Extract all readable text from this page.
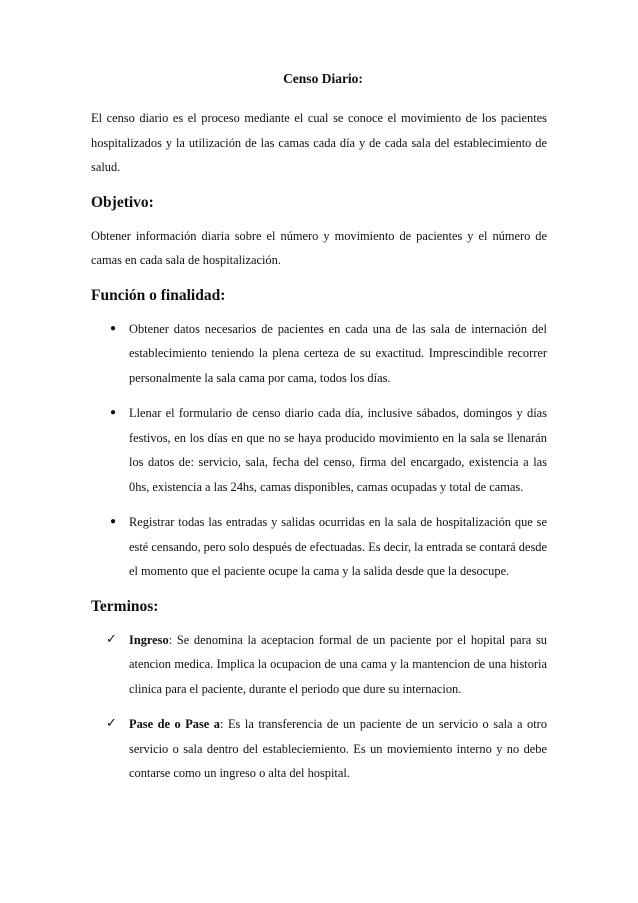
Censo Diario:

El censo diario es el proceso mediante el cual se conoce el movimiento de los pacientes hospitalizados y la utilización de las camas cada día y de cada sala del establecimiento de salud.

Objetivo:

Obtener información diaria sobre el número y movimiento de pacientes y el número de camas en cada sala de hospitalización.

Función o finalidad:

● Obtener datos necesarios de pacientes en cada una de las sala de internación del establecimiento teniendo la plena certeza de su exactitud. Imprescindible recorrer personalmente la sala cama por cama, todos los días.
● Llenar el formulario de censo diario cada día, inclusive sábados, domingos y días festivos, en los días en que no se haya producido movimiento en la sala se llenarán los datos de: servicio, sala, fecha del censo, firma del encargado, existencia a las 0hs, existencia a las 24hs, camas disponibles, camas ocupadas y total de camas.
● Registrar todas las entradas y salidas ocurridas en la sala de hospitalización que se esté censando, pero solo después de efectuadas. Es decir, la entrada se contará desde el momento que el paciente ocupe la cama y la salida desde que la desocupe.

Terminos:

✓ Ingreso: Se denomina la aceptacion formal de un paciente por el hopital para su atencion medica. Implica la ocupacion de una cama y la mantencion de una historia clinica para el paciente, durante el periodo que dure su internacion.
✓ Pase de o Pase a: Es la transferencia de un paciente de un servicio o sala a otro servicio o sala dentro del estableciemiento. Es un moviemiento interno y no debe contarse como un ingreso o alta del hospital.
